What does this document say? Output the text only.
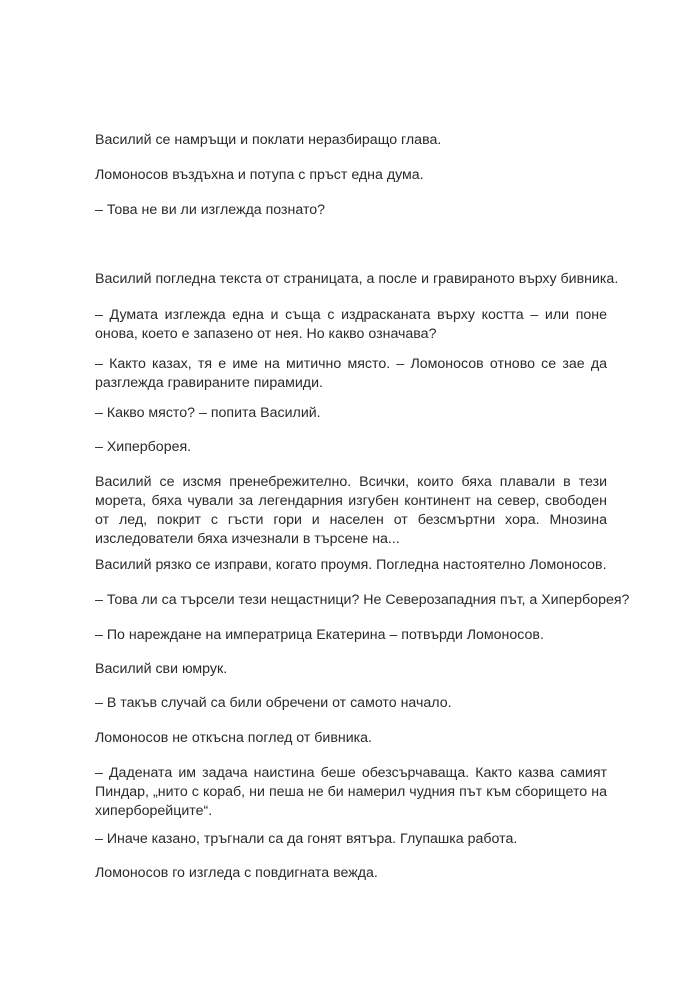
Василий се намръщи и поклати неразбиращо глава.

Ломоносов въздъхна и потупа с пръст една дума.

– Това не ви ли изглежда познато?

Василий погледна текста от страницата, а после и гравираното върху бивника.

– Думата изглежда една и съща с издрасканата върху костта – или поне онова, което е запазено от нея. Но какво означава?

– Както казах, тя е име на митично място. – Ломоносов отново се зае да разглежда гравираните пирамиди.

– Какво място? – попита Василий.

– Хиперборея.

Василий се изсмя пренебрежително. Всички, които бяха плавали в тези морета, бяха чували за легендарния изгубен континент на север, свободен от лед, покрит с гъсти гори и населен от безсмъртни хора. Мнозина изследователи бяха изчезнали в търсене на...

Василий рязко се изправи, когато проумя. Погледна настоятелно Ломоносов.

– Това ли са търсели тези нещастници? Не Северозападния път, а Хиперборея?

– По нареждане на императрица Екатерина – потвърди Ломоносов.

Василий сви юмрук.

– В такъв случай са били обречени от самото начало.

Ломоносов не откъсна поглед от бивника.

– Дадената им задача наистина беше обезсърчаваща. Както казва самият Пиндар, „нито с кораб, ни пеша не би намерил чудния път към сборището на хиперборейците“.

– Иначе казано, тръгнали са да гонят вятъра. Глупашка работа.

Ломоносов го изгледа с повдигната вежда.
